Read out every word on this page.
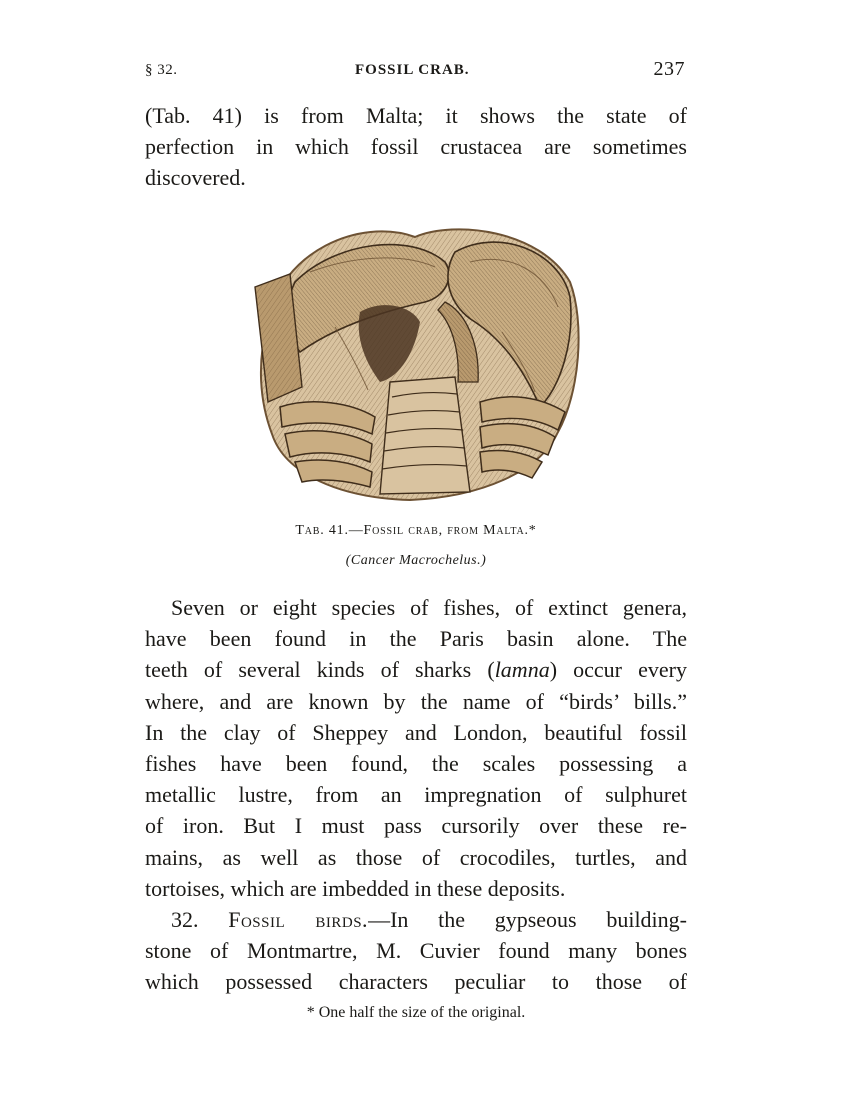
§ 32.	FOSSIL CRAB.	237

(Tab. 41) is from Malta; it shows the state of
perfection in which fossil crustacea are sometimes
discovered.

Tab. 41.—Fossil crab, from Malta.*
(Cancer Macrochelus.)

Seven or eight species of fishes, of extinct genera,
have been found in the Paris basin alone. The
teeth of several kinds of sharks (lamna) occur every
where, and are known by the name of “birds’ bills.”
In the clay of Sheppey and London, beautiful fossil
fishes have been found, the scales possessing a
metallic lustre, from an impregnation of sulphuret
of iron. But I must pass cursorily over these re-
mains, as well as those of crocodiles, turtles, and
tortoises, which are imbedded in these deposits.

32. Fossil birds.—In the gypseous building-
stone of Montmartre, M. Cuvier found many bones
which possessed characters peculiar to those of

* One half the size of the original.
